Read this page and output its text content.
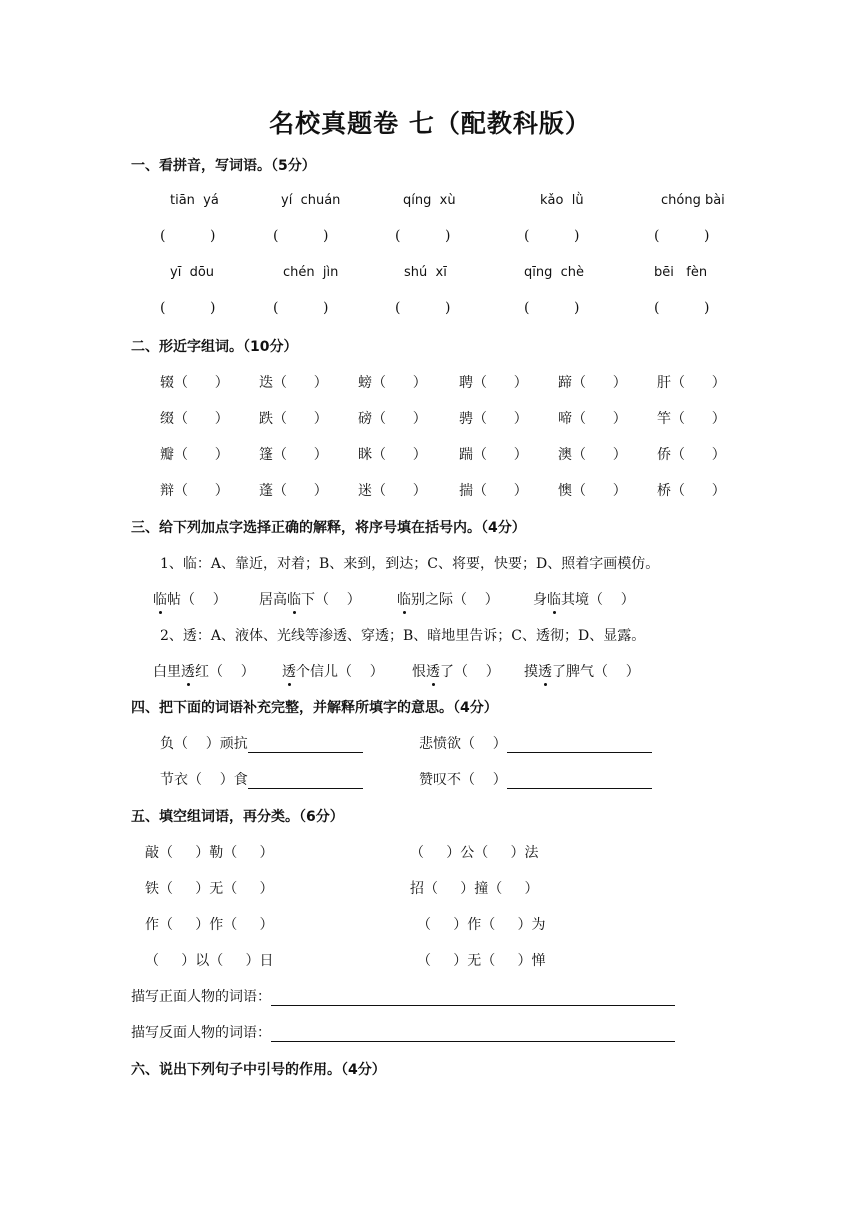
名校真题卷 七（配教科版）
一、看拼音，写词语。（5分）
tiān  yá	yí  chuán	qíng  xù	kǎo  lǜ	chóng bài
(          )	(          )	(          )	(          )	(          )
yī  dōu	chén  jìn	shú  xī	qīng  chè	bēi   fèn
(          )	(          )	(          )	(          )	(          )
二、形近字组词。（10分）
辍（      ） 迭（      ） 螃（      ） 聘（      ） 蹄（      ） 肝（      ）
缀（      ） 跌（      ） 磅（      ） 骋（      ） 啼（      ） 竿（      ）
瓣（      ） 篷（      ） 眯（      ） 踹（      ） 澳（      ） 侨（      ）
辩（      ） 蓬（      ） 迷（      ） 揣（      ） 懊（      ） 桥（      ）
三、给下列加点字选择正确的解释，将序号填在括号内。（4分）
1、临：A、靠近，对着；B、来到，到达；C、将要，快要；D、照着字画模仿。
临帖（    ） 居高临下（    ）	临别之际（    ） 身临其境（    ）
2、透：A、液体、光线等渗透、穿透；B、暗地里告诉；C、透彻；D、显露。
白里透红（    ） 透个信儿（    ） 恨透了（    ） 摸透了脾气（    ）
四、把下面的词语补充完整，并解释所填字的意思。（4分）
负（    ）顽抗	悲愤欲（    ）
节衣（    ）食	赞叹不（    ）
五、填空组词语，再分类。（6分）
敲（     ）勒（     ）	（     ）公（     ）法
铁（     ）无（     ）	招（     ）撞（     ）
作（     ）作（     ）	（     ）作（     ）为
（     ）以（     ）日	（     ）无（     ）惮
描写正面人物的词语：
描写反面人物的词语：
六、说出下列句子中引号的作用。（4分）
